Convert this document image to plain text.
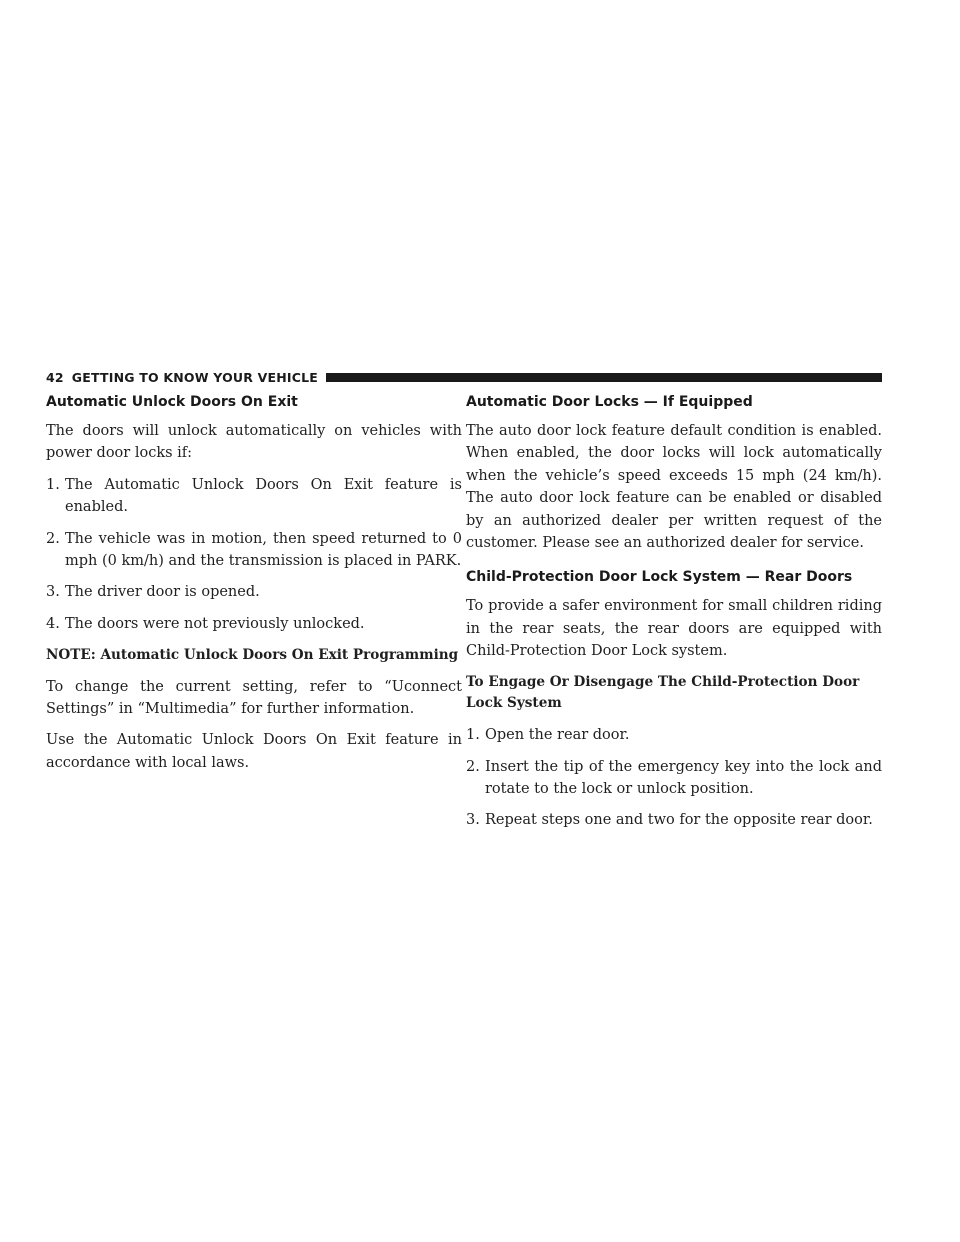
42 GETTING TO KNOW YOUR VEHICLE
Automatic Unlock Doors On Exit

The doors will unlock automatically on vehicles with power door locks if:

1. The Automatic Unlock Doors On Exit feature is enabled.
2. The vehicle was in motion, then speed returned to 0 mph (0 km/h) and the transmission is placed in PARK.
3. The driver door is opened.
4. The doors were not previously unlocked.

NOTE: Automatic Unlock Doors On Exit Programming

To change the current setting, refer to “Uconnect Settings” in “Multimedia” for further information.

Use the Automatic Unlock Doors On Exit feature in accordance with local laws.

Automatic Door Locks — If Equipped

The auto door lock feature default condition is enabled. When enabled, the door locks will lock automatically when the vehicle’s speed exceeds 15 mph (24 km/h). The auto door lock feature can be enabled or disabled by an authorized dealer per written request of the customer. Please see an authorized dealer for service.

Child-Protection Door Lock System — Rear Doors

To provide a safer environment for small children riding in the rear seats, the rear doors are equipped with Child-Protection Door Lock system.

To Engage Or Disengage The Child-Protection Door Lock System

1. Open the rear door.
2. Insert the tip of the emergency key into the lock and rotate to the lock or unlock position.
3. Repeat steps one and two for the opposite rear door.
